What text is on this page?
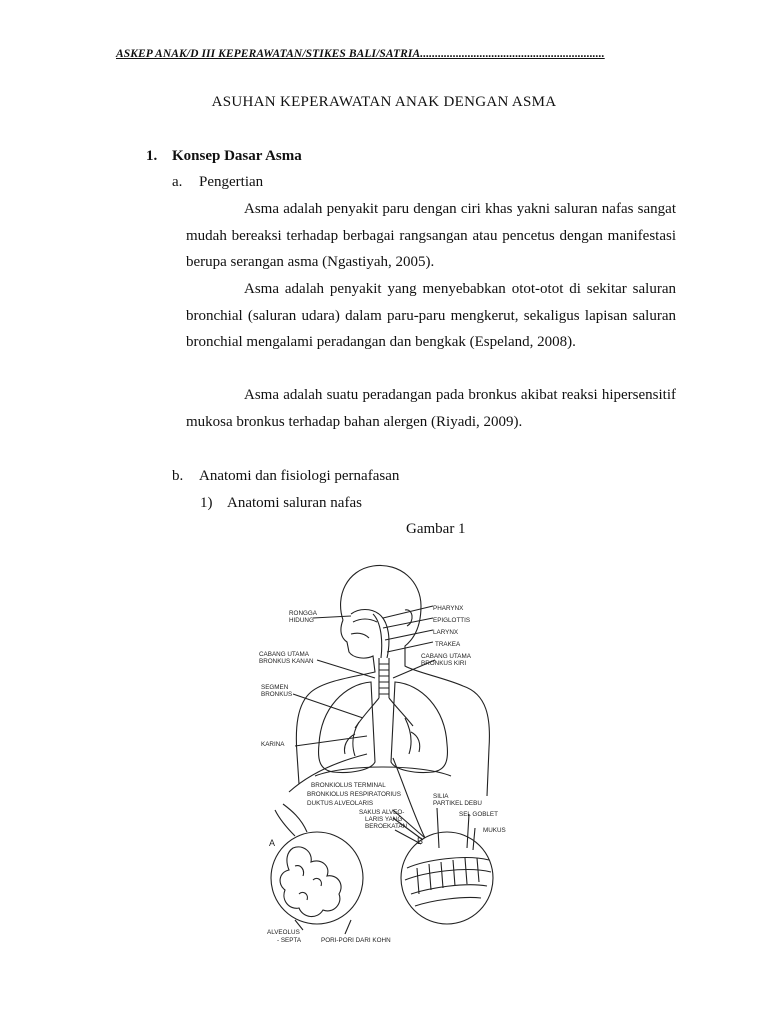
ASKEP ANAK/D III KEPERAWATAN/STIKES BALI/SATRIA..............................................................
ASUHAN KEPERAWATAN ANAK DENGAN ASMA
1. Konsep Dasar Asma
a. Pengertian

Asma adalah penyakit paru dengan ciri khas yakni saluran nafas sangat mudah bereaksi terhadap berbagai rangsangan atau pencetus dengan manifestasi berupa serangan asma (Ngastiyah, 2005).

Asma adalah penyakit yang menyebabkan otot-otot di sekitar saluran bronchial (saluran udara) dalam paru-paru mengkerut, sekaligus lapisan saluran bronchial mengalami peradangan dan bengkak (Espeland, 2008).

Asma adalah suatu peradangan pada bronkus akibat reaksi hipersensitif mukosa bronkus terhadap bahan alergen (Riyadi, 2009).

b. Anatomi dan fisiologi pernafasan
1) Anatomi saluran nafas
Gambar 1
PHARYNX
EPIGLOTTIS
LARYNX
TRAKEA
CABANG UTAMA
BRONKUS KIRI
RONGGA
HIDUNG
CABANG UTAMA
BRONKUS KANAN
SEGMEN
BRONKUS
KARINA
BRONKIOLUS TERMINAL
BRONKIOLUS RESPIRATORIUS
DUKTUS ALVEOLARIS
SAKUS ALVEO-
LARIS YANG
BEROEKATAN
SILIA
PARTIKEL DEBU
SEL GOBLET
MUKUS
A	B
ALVEOLUS
- SEPTA	PORI-PORI DARI KOHN
